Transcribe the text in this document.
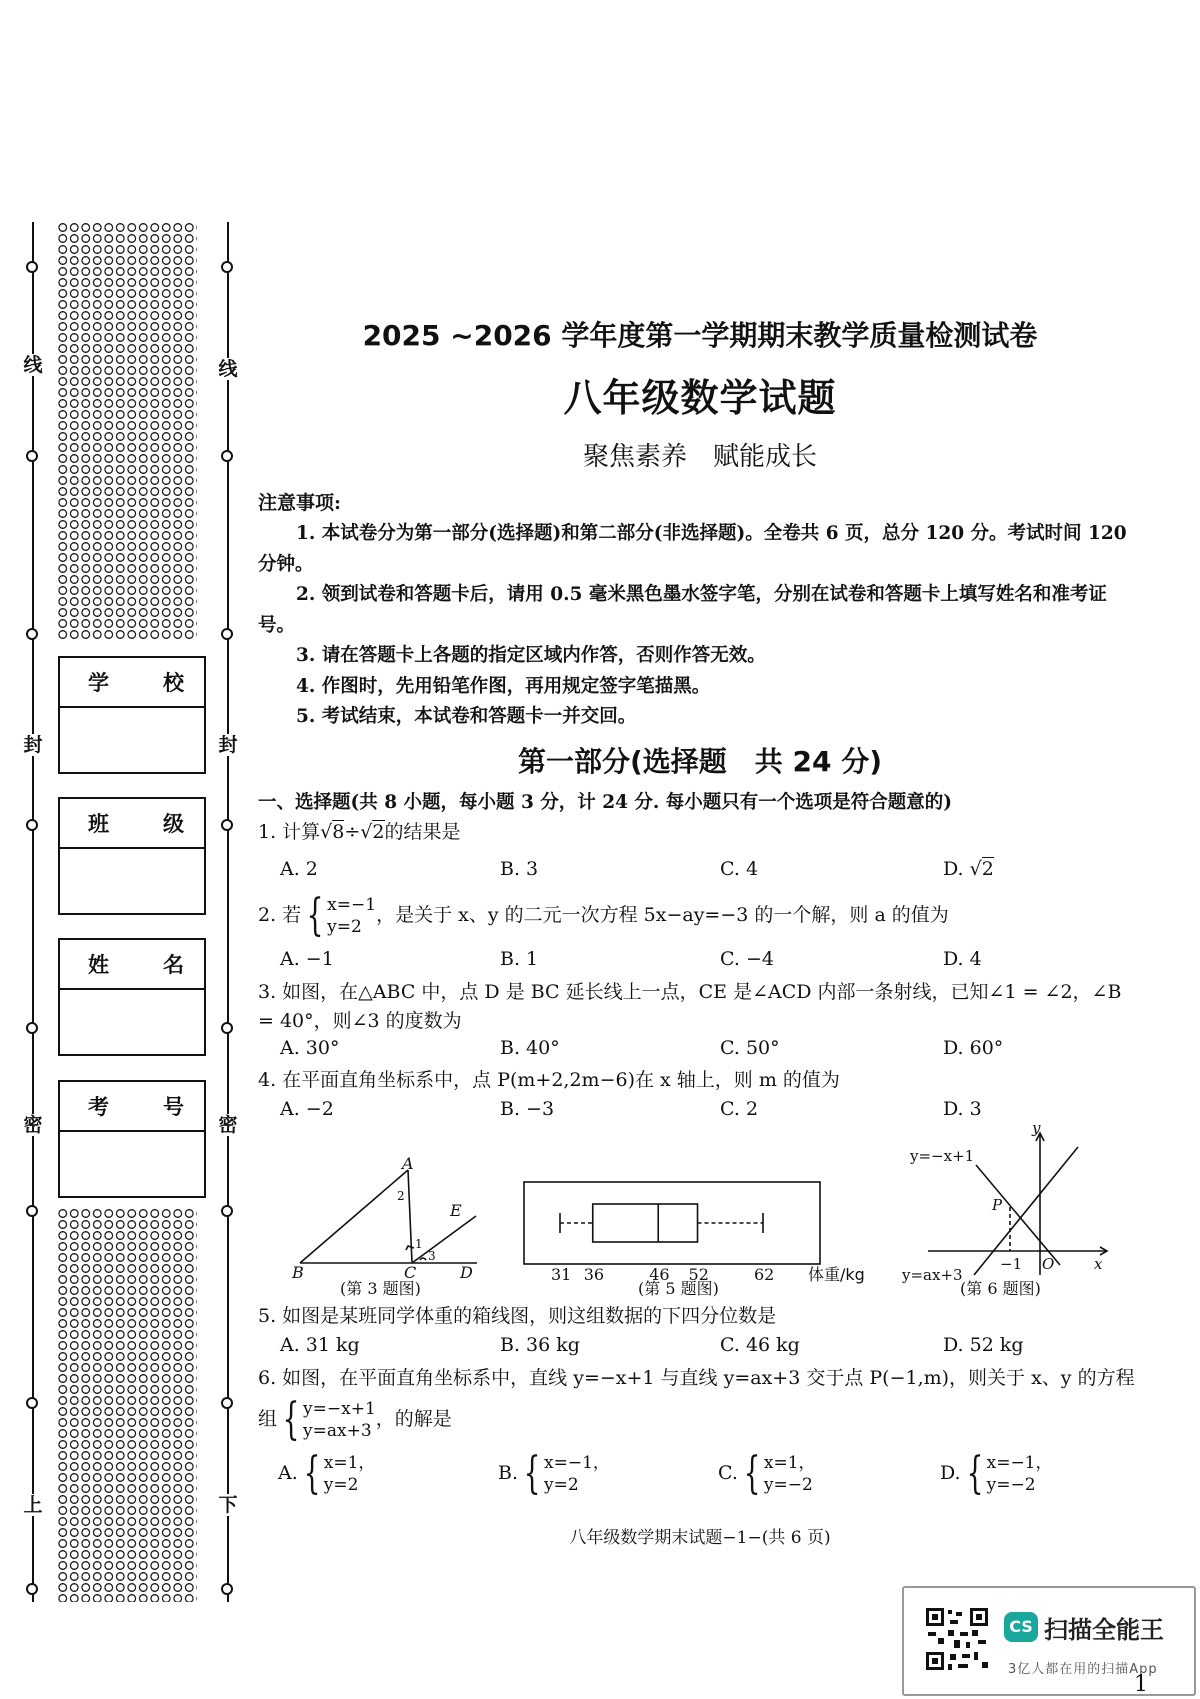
线
封
密
上
线
封
密
下
学	校
班	级
姓	名
考	号
2025 ~2026 学年度第一学期期末教学质量检测试卷
八年级数学试题
聚焦素养　赋能成长
注意事项:

1. 本试卷分为第一部分(选择题)和第二部分(非选择题)。全卷共 6 页，总分 120 分。考试时间 120 分钟。

2. 领到试卷和答题卡后，请用 0.5 毫米黑色墨水签字笔，分别在试卷和答题卡上填写姓名和准考证号。

3. 请在答题卡上各题的指定区域内作答，否则作答无效。

4. 作图时，先用铅笔作图，再用规定签字笔描黑。

5. 考试结束，本试卷和答题卡一并交回。

第一部分(选择题　共 24 分)
一、选择题(共 8 小题，每小题 3 分，计 24 分. 每小题只有一个选项是符合题意的)
1. 计算√8÷√2的结果是
A. 2	B. 3	C. 4	D. √2
2. 若 { x=−1
y=2
，是关于 x、y 的二元一次方程 5x−ay=−3 的一个解，则 a 的值为
A. −1	B. 1	C. −4	D. 4
3. 如图，在△ABC 中，点 D 是 BC 延长线上一点，CE 是∠ACD 内部一条射线，已知∠1 = ∠2，∠B = 40°，则∠3 的度数为
A. 30°	B. 40°	C. 50°	D. 60°
4. 在平面直角坐标系中，点 P(m+2,2m−6)在 x 轴上，则 m 的值为
A. −2	B. −3	C. 2	D. 3
A
B	C	D
E
1
2
3
(第 3 题图)
31 36	46 52	62 体重/kg
(第 5 题图)
y
x
O
P
−1
y=−x+1
y=ax+3
(第 6 题图)
5. 如图是某班同学体重的箱线图，则这组数据的下四分位数是
A. 31 kg	B. 36 kg	C. 46 kg	D. 52 kg
6. 如图，在平面直角坐标系中，直线 y=−x+1 与直线 y=ax+3 交于点 P(−1,m)，则关于 x、y 的方程
组 { y=−x+1
y=ax+3
，的解是
A. { x=1，
y=2
B. { x=−1，
y=2
C. { x=1，
y=−2
D. { x=−1，
y=−2
八年级数学期末试题−1−(共 6 页)
CS 扫描全能王
3亿人都在用的扫描App
1
